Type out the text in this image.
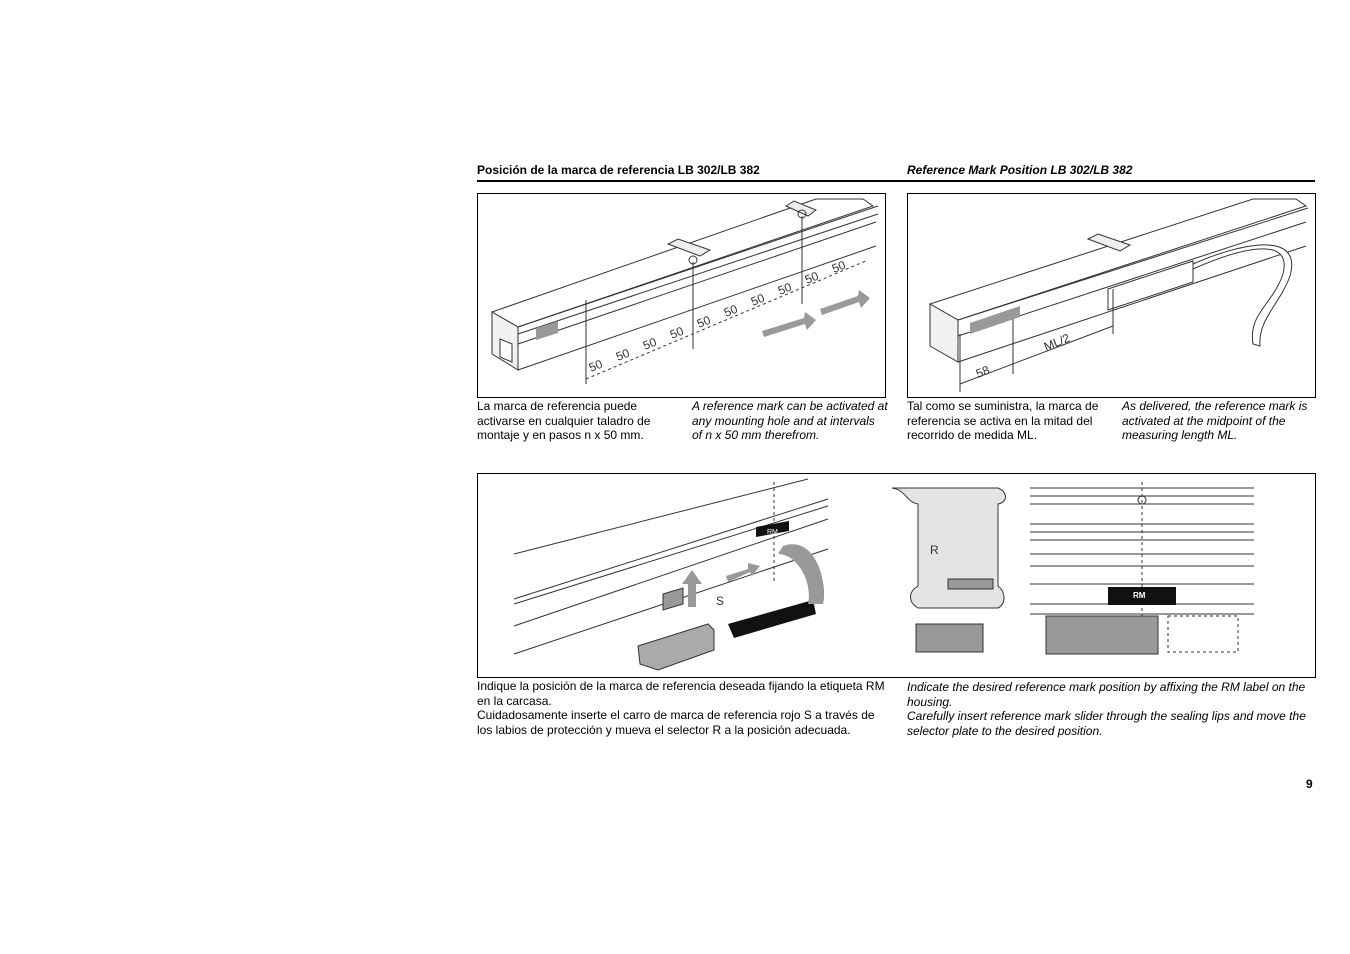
Posición de la marca de referencia LB 302/LB 382	Reference Mark Position LB 302/LB 382
50
50
50
50
50
50
50
50
50
50
58
ML/2
La marca de referencia puede activarse en cualquier taladro de montaje y en pasos n x 50 mm.
A reference mark can be activated at any mounting hole and at intervals of n x 50 mm therefrom.
Tal como se suministra, la marca de referencia se activa en la mitad del recorrido de medida ML.
As delivered, the reference mark is activated at the midpoint of the measuring length ML.
RM
S
R
RM

Indique la posición de la marca de referencia deseada fijando la etiqueta RM en la carcasa.

Cuidadosamente inserte el carro de marca de referencia rojo S a través de los labios de protección y mueva el selector R a la posición adecuada.

Indicate the desired reference mark position by affixing the RM label on the housing.

Carefully insert reference mark slider through the sealing lips and move the selector plate to the desired position.

9
